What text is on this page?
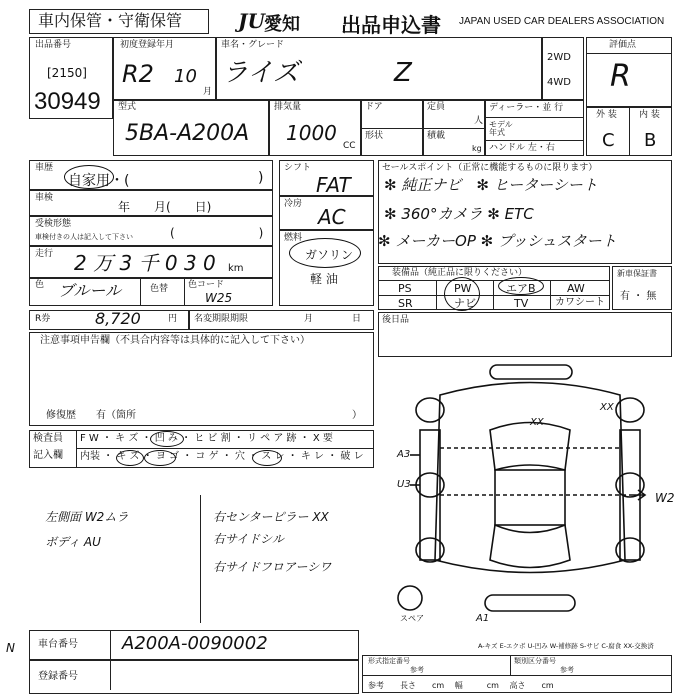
車内保管・守衛保管	JU 愛知 出品申込書 JAPAN USED CAR DEALERS ASSOCIATION
出品番号
[2150]
30949
初度登録年月
R2 10
月
車名・グレード
ライズ	Z
2WD
4WD
評価点
R
型式
5BA-A200A
排気量
1000
CC
ドア
形状
定員
人
積載
kg
ディーラー・並 行
モデル年式
ハンドル 左・右
外 装 内 装
C B
車歴
自家用・(	)
車検
年　　月(　　日)
受検形態
車検付きの人は記入して下さい	(　　　　　　　)
走行 2 万 3 千 0 3 0 km
色 ブルール	色替 色コード
W25
シフト
FAT
冷房
AC
燃料
ガソリン
軽 油
セールスポイント（正常に機能するものに限ります）
✻ 純正ナビ　✻ ヒーターシート
✻ 360°カメラ ✻ ETC
✻ メーカーOP ✻ プッシュスタート
装備品（純正品に限りください）
PS	PW	エアB	AW
SR	ナビ	TV	カワシート
新車保証書
有 ・ 無
R券	8,720	円 名変期限期限	月	日 後日品
注意事項申告欄（不具合内容等は具体的に記入して下さい）
修復歴　　有（箇所	）
検査員
記入欄
F W ・ キ ズ ・ 凹 み ・ ヒ ビ 割 ・ リ ペ ア 跡 ・ X 要
内装 ・ キ ズ ・ ヨ ゴ ・ コ ゲ ・ 穴 ・ ス レ ・ キ レ ・ 破 レ
左側面 W2ムラ
ボディ AU
右センターピラー XX
右サイドシル
右サイドフロアーシワ
A3
U3
W2
XX
XX
A1
スペア
A-キズ E-エクボ U-凹み W-補修跡 S-サビ C-腐食 XX-交換済
N 車台番号 A200A-0090002
登録番号
形式指定番号
参考
類別区分番号
参考
参考　　長さ　　cm 　幅　　　cm 　高さ　　cm
